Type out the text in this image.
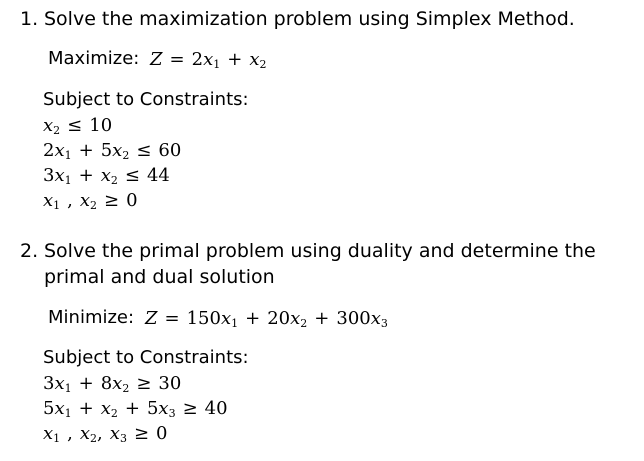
1. Solve the maximization problem using Simplex Method.
Maximize: $Z = 2x_1 + x_2$
Subject to Constraints:
$x_2 \le 10$
$2x_1 + 5x_2 \le 60$
$3x_1 + x_2 \le 44$
$x_1$ , $x_2 \ge 0$
2. Solve the primal problem using duality and determine the
primal and dual solution
Minimize: $Z = 150x_1 + 20x_2 + 300x_3$
Subject to Constraints:
$3x_1 + 8x_2 \ge 30$
$5x_1 + x_2 + 5x_3 \ge 40$
$x_1$ , $x_2$, $x_3 \ge 0$
